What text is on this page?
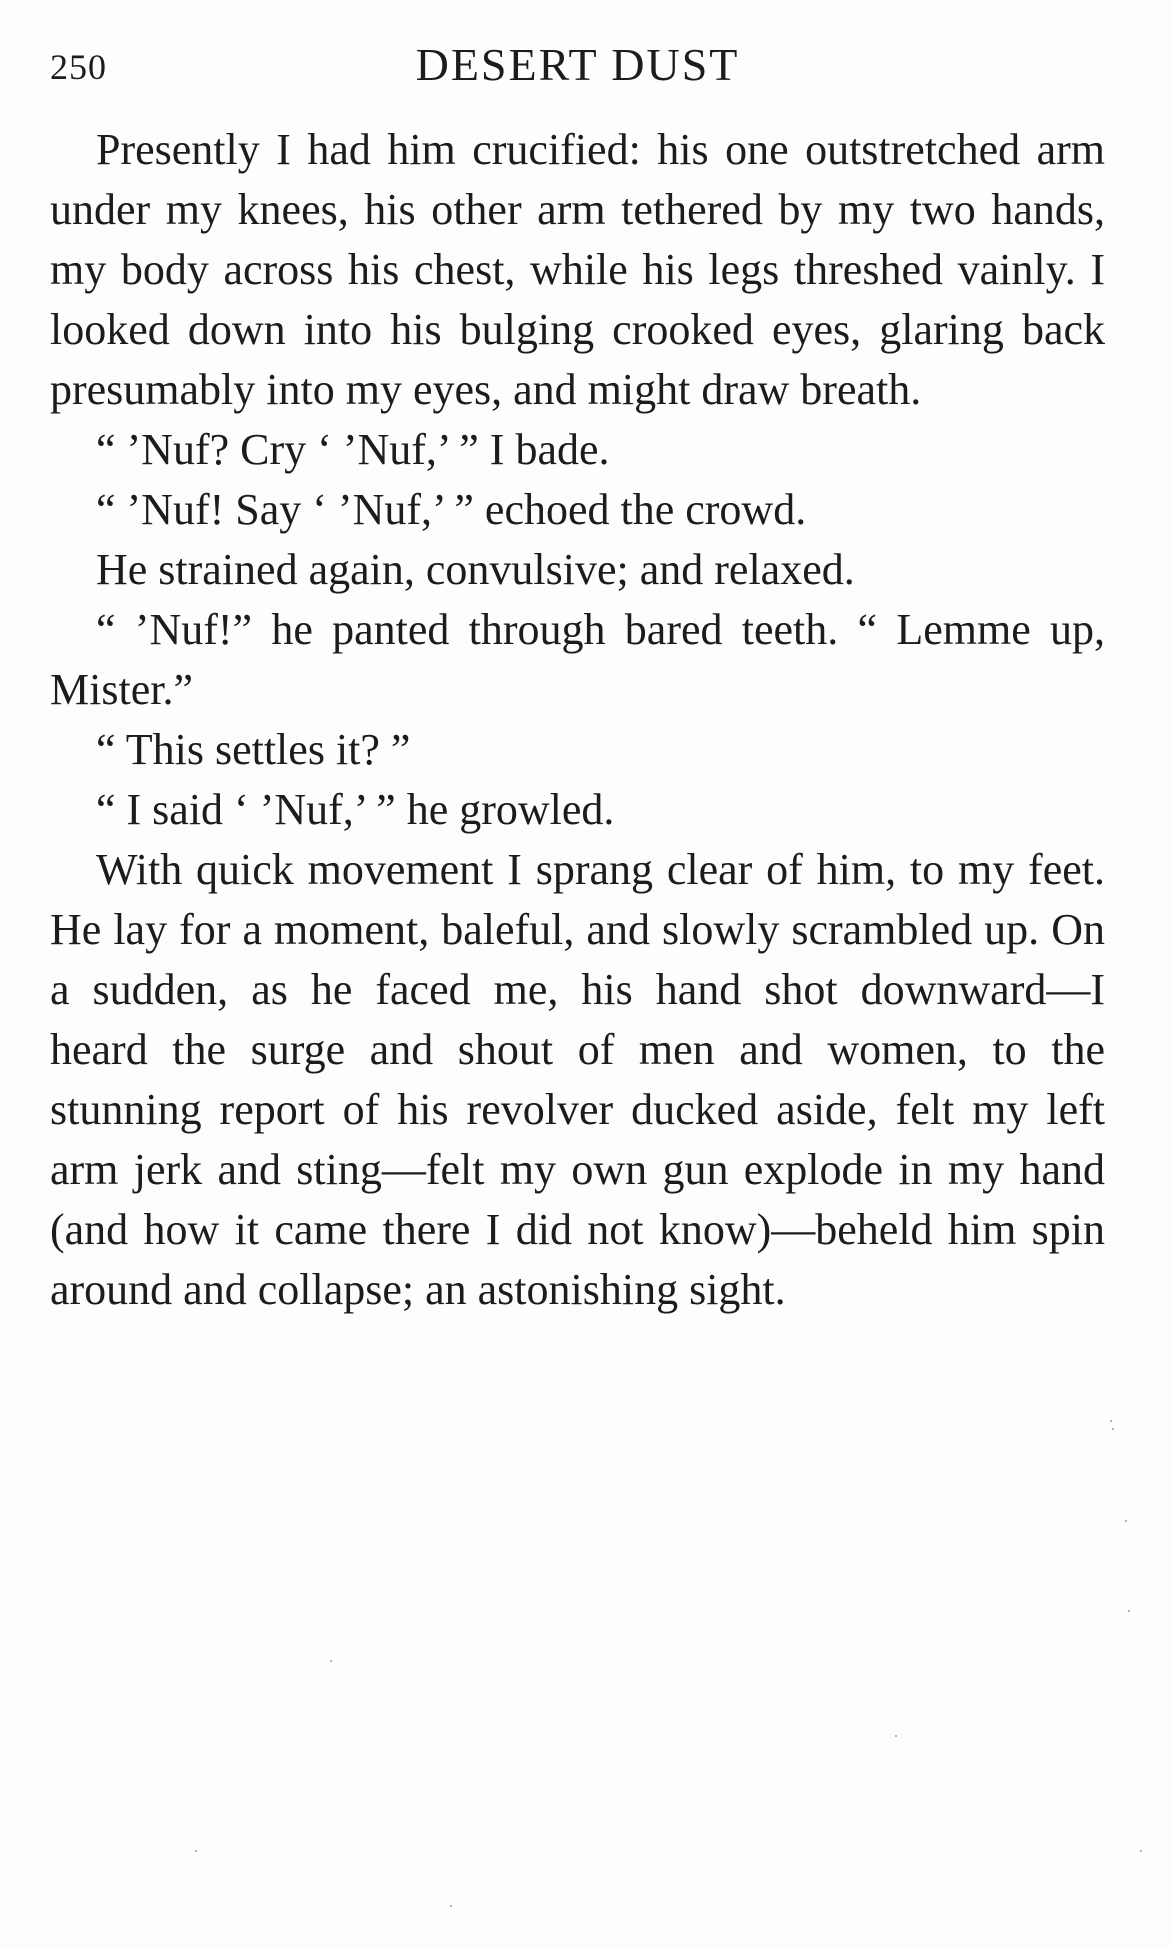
250	DESERT DUST

Presently I had him crucified: his one outstretched arm under my knees, his other arm tethered by my two hands, my body across his chest, while his legs threshed vainly. I looked down into his bulging crooked eyes, glaring back presumably into my eyes, and might draw breath.

“ ’Nuf? Cry ‘ ’Nuf,’ ” I bade.

“ ’Nuf! Say ‘ ’Nuf,’ ” echoed the crowd.

He strained again, convulsive; and relaxed.

“ ’Nuf!” he panted through bared teeth. “ Lemme up, Mister.”

“ This settles it? ”

“ I said ‘ ’Nuf,’ ” he growled.

With quick movement I sprang clear of him, to my feet. He lay for a moment, baleful, and slowly scrambled up. On a sudden, as he faced me, his hand shot downward—I heard the surge and shout of men and women, to the stunning report of his revolver ducked aside, felt my left arm jerk and sting—felt my own gun explode in my hand (and how it came there I did not know)—beheld him spin around and collapse; an astonishing sight.
